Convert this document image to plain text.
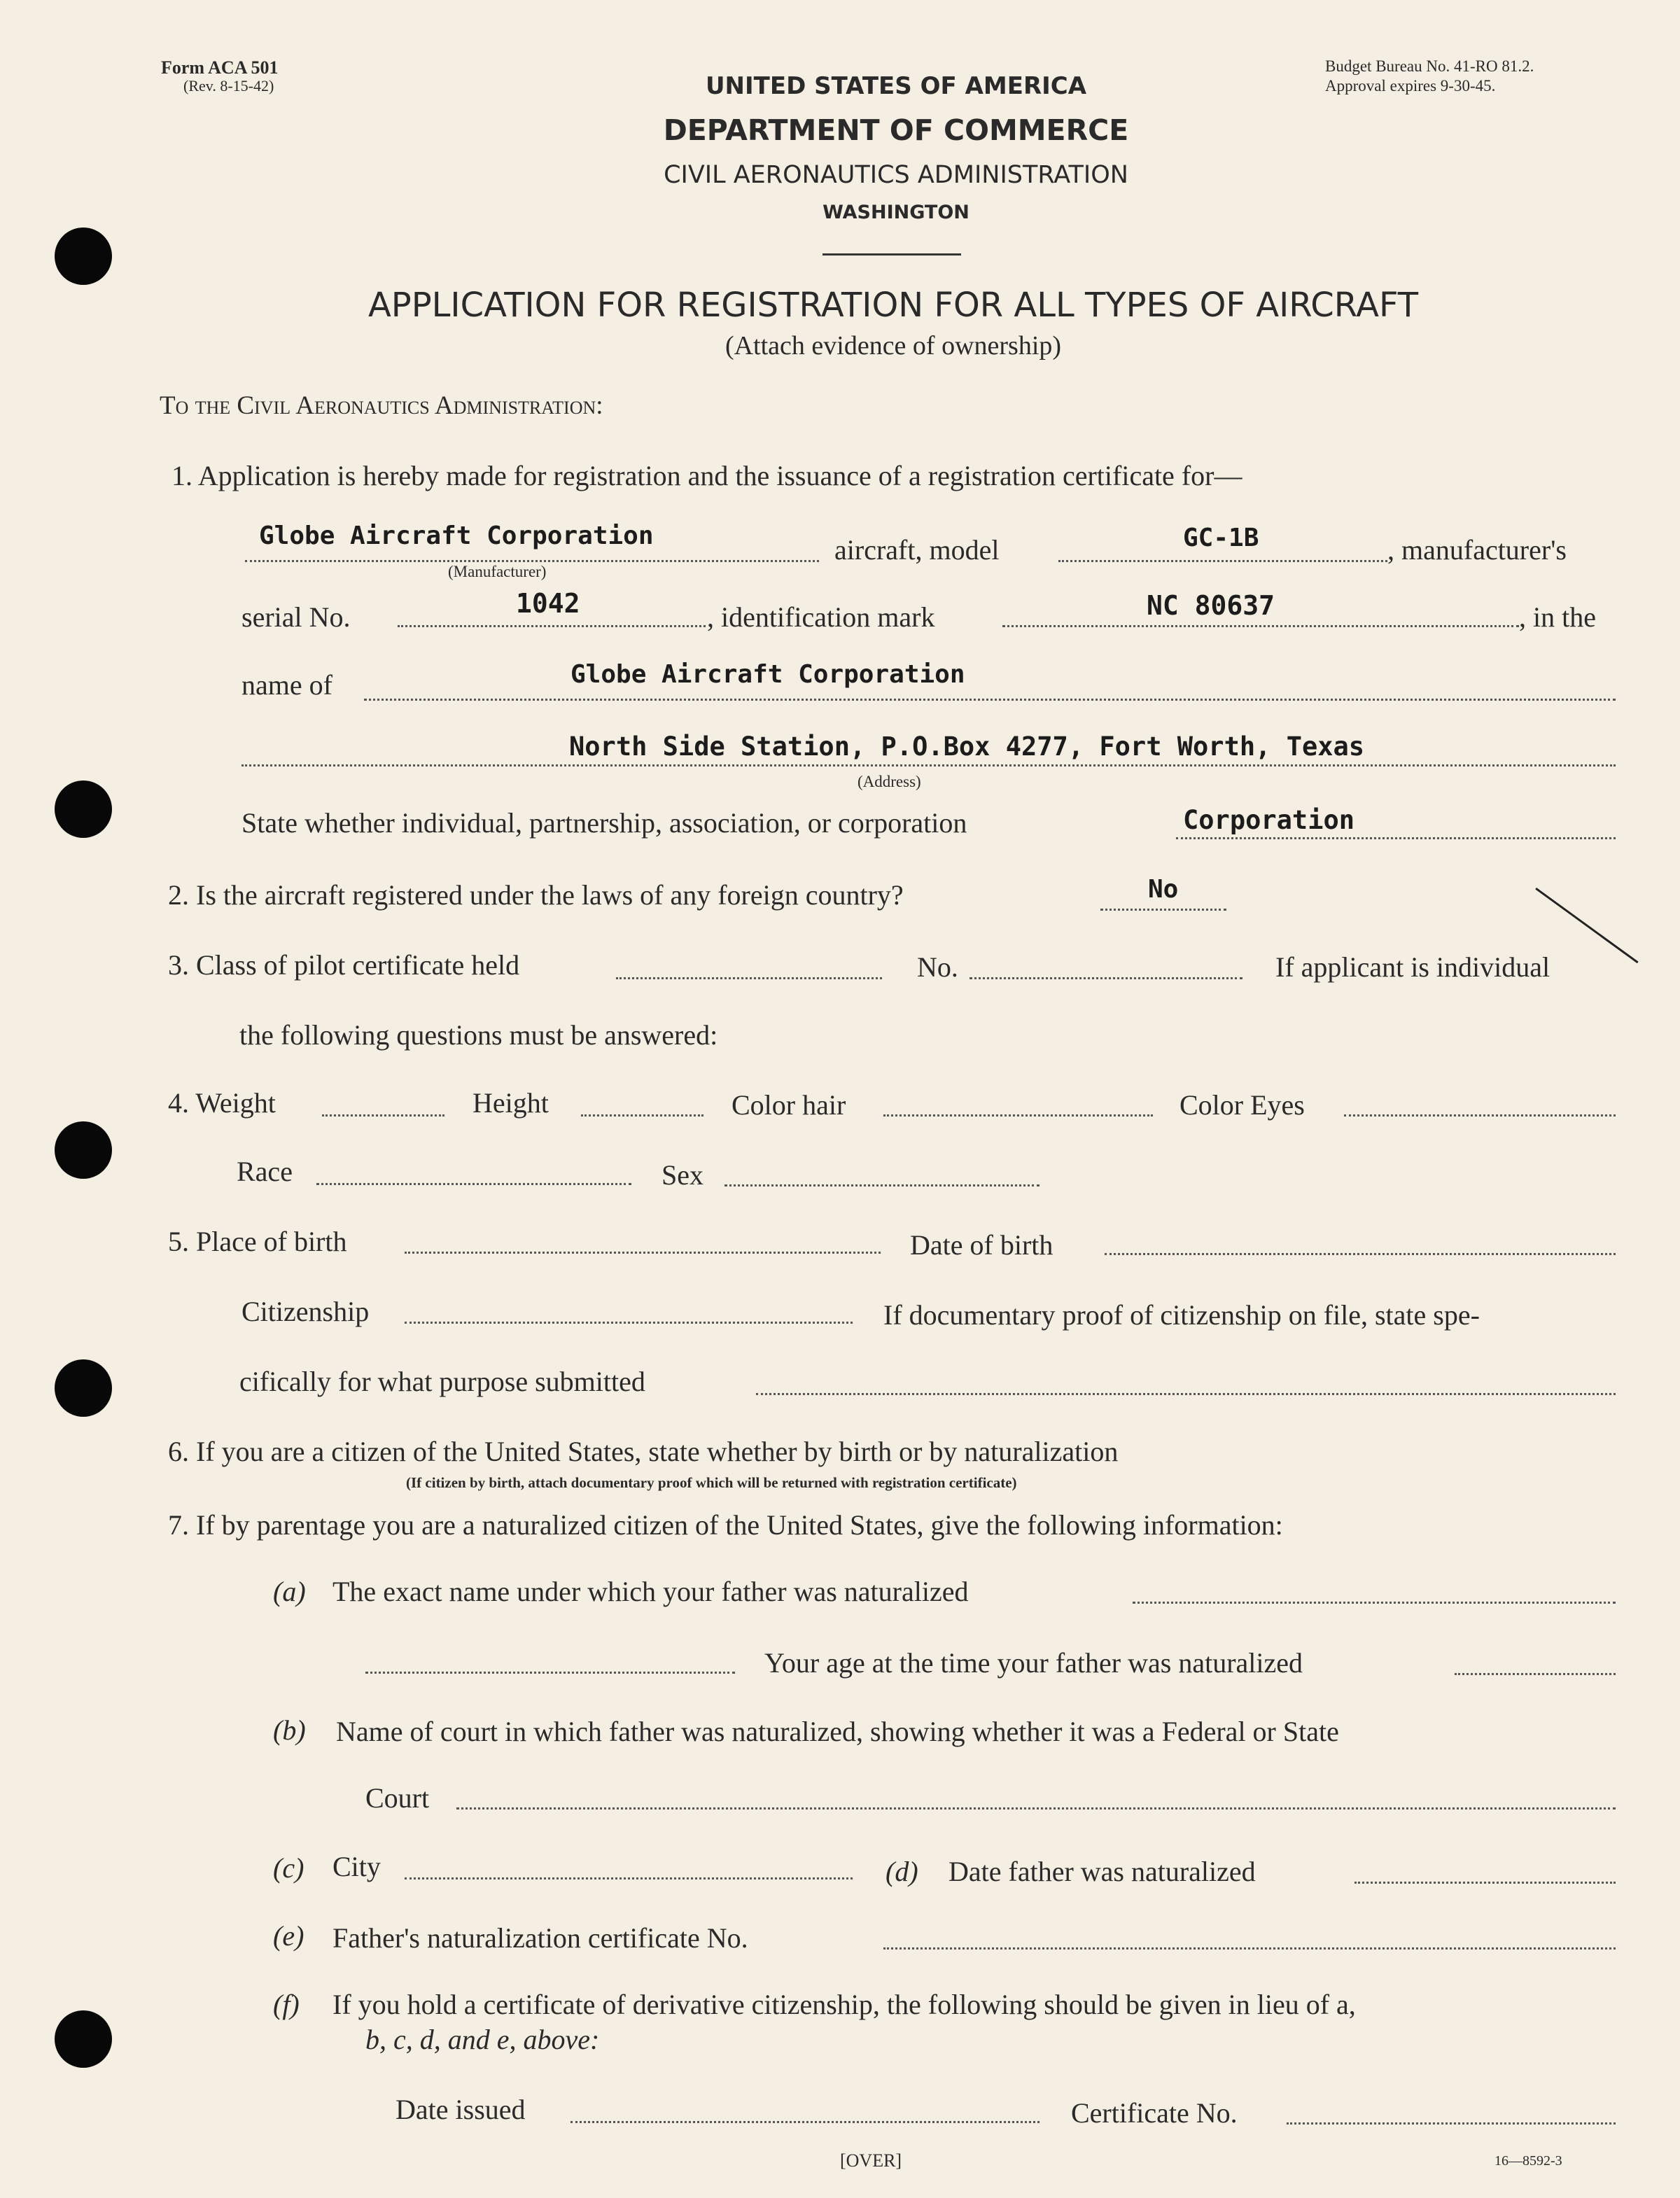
Form ACA 501
(Rev. 8-15-42)
Budget Bureau No. 41-RO 81.2.
Approval expires 9-30-45.
UNITED STATES OF AMERICA
DEPARTMENT OF COMMERCE
CIVIL AERONAUTICS ADMINISTRATION
WASHINGTON
APPLICATION FOR REGISTRATION FOR ALL TYPES OF AIRCRAFT
(Attach evidence of ownership)
To the Civil Aeronautics Administration:
1. Application is hereby made for registration and the issuance of a registration certificate for—
Globe Aircraft Corporation
(Manufacturer)
aircraft, model	GC-1B	, manufacturer's
serial No.	1042	, identification mark	NC 80637	, in the
name of	Globe Aircraft Corporation
North Side Station, P.O.Box 4277, Fort Worth, Texas
(Address)
State whether individual, partnership, association, or corporation	Corporation
2. Is the aircraft registered under the laws of any foreign country?	No
3. Class of pilot certificate held	No.	If applicant is individual
the following questions must be answered:
4. Weight	Height	Color hair	Color Eyes
Race	Sex
5. Place of birth	Date of birth
Citizenship	If documentary proof of citizenship on file, state spe-
cifically for what purpose submitted
6. If you are a citizen of the United States, state whether by birth or by naturalization
(If citizen by birth, attach documentary proof which will be returned with registration certificate)
7. If by parentage you are a naturalized citizen of the United States, give the following information:
(a) The exact name under which your father was naturalized
Your age at the time your father was naturalized
(b) Name of court in which father was naturalized, showing whether it was a Federal or State
Court
(c) City	(d) Date father was naturalized
(e) Father's naturalization certificate No.
(f) If you hold a certificate of derivative citizenship, the following should be given in lieu of a,
b, c, d, and e, above:
Date issued	Certificate No.
[OVER]	16—8592-3
